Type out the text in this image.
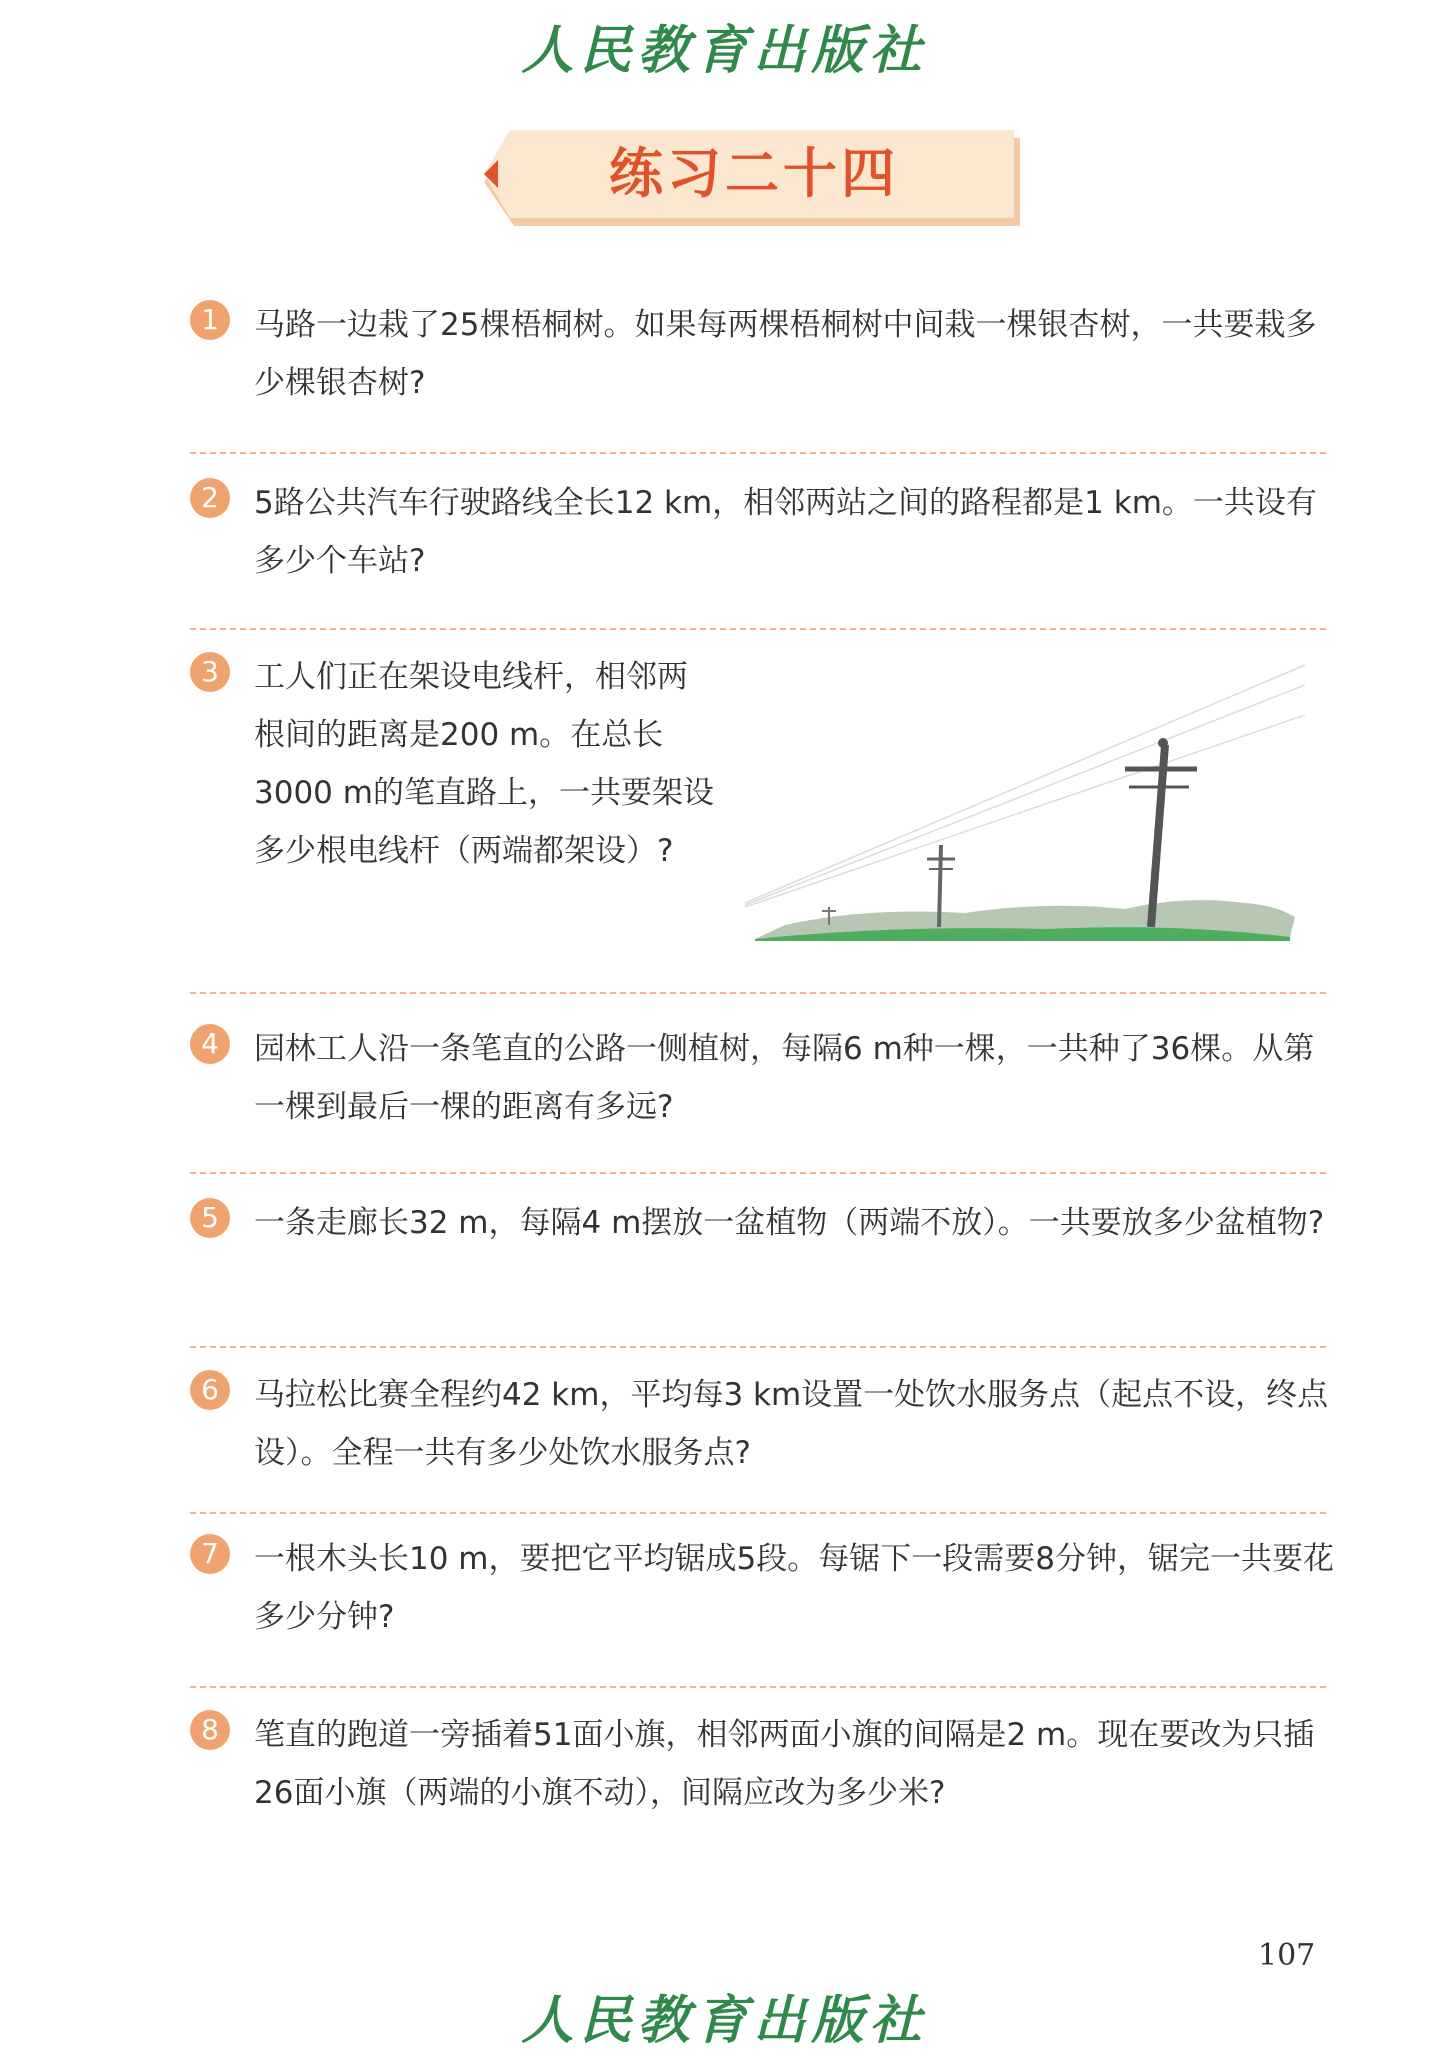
人民教育出版社
练习二十四
1	马路一边栽了25棵梧桐树。如果每两棵梧桐树中间栽一棵银杏树，一共要栽多少棵银杏树?
2	5路公共汽车行驶路线全长12 km，相邻两站之间的路程都是1 km。一共设有多少个车站?
3	工人们正在架设电线杆，相邻两根间的距离是200 m。在总长3000 m的笔直路上，一共要架设多少根电线杆（两端都架设）?
4	园林工人沿一条笔直的公路一侧植树，每隔6 m种一棵，一共种了36棵。从第一棵到最后一棵的距离有多远?
5	一条走廊长32 m，每隔4 m摆放一盆植物（两端不放）。一共要放多少盆植物?
6	马拉松比赛全程约42 km，平均每3 km设置一处饮水服务点（起点不设，终点设）。全程一共有多少处饮水服务点?
7	一根木头长10 m，要把它平均锯成5段。每锯下一段需要8分钟，锯完一共要花多少分钟?
8	笔直的跑道一旁插着51面小旗，相邻两面小旗的间隔是2 m。现在要改为只插26面小旗（两端的小旗不动），间隔应改为多少米?
107
人民教育出版社
